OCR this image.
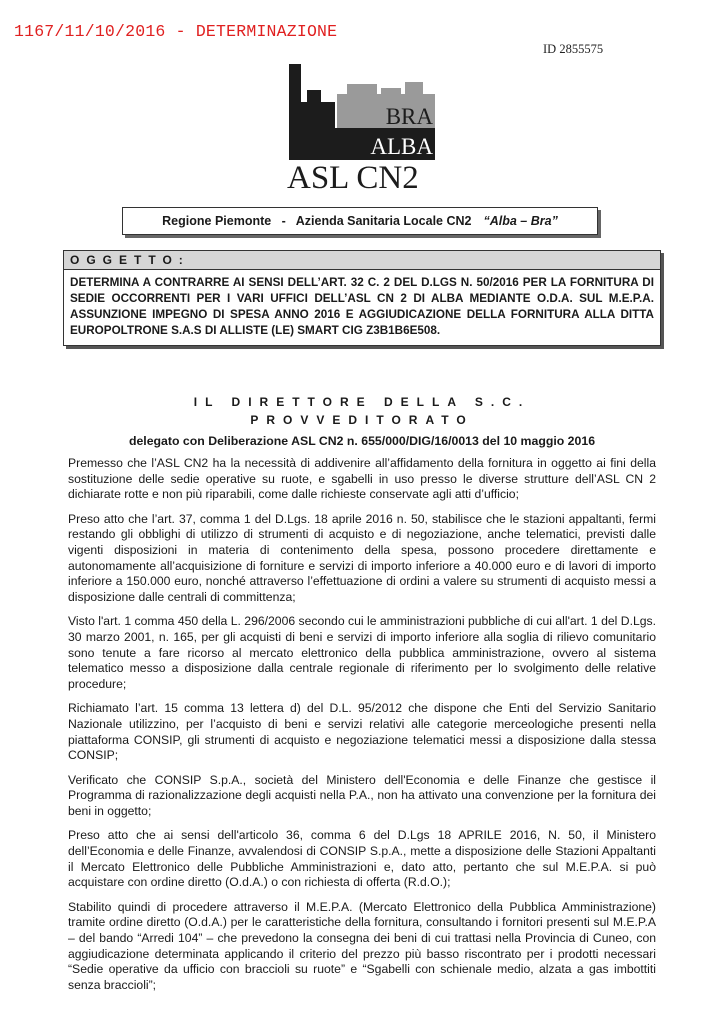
1167/11/10/2016 - DETERMINAZIONE
ID 2855575
BRA
ALBA
ASL CN2
Regione Piemonte   -   Azienda Sanitaria Locale CN2 “Alba – Bra”
OGGETTO:
DETERMINA A CONTRARRE AI SENSI DELL’ART. 32 C. 2 DEL D.LGS N. 50/2016 PER LA FORNITURA DI SEDIE OCCORRENTI PER I VARI UFFICI DELL’ASL CN 2 DI ALBA MEDIANTE O.D.A. SUL M.E.P.A. ASSUNZIONE IMPEGNO DI SPESA ANNO 2016 E AGGIUDICAZIONE DELLA FORNITURA ALLA DITTA EUROPOLTRONE S.A.S DI ALLISTE (LE) SMART CIG Z3B1B6E508.
IL DIRETTORE DELLA S.C.
PROVVEDITORATO
delegato con Deliberazione ASL CN2 n. 655/000/DIG/16/0013 del 10 maggio 2016

Premesso che l’ASL CN2 ha la necessità di addivenire all’affidamento della fornitura in oggetto ai fini della sostituzione delle sedie operative su ruote, e sgabelli in uso presso le diverse strutture dell’ASL CN 2 dichiarate rotte e non più riparabili, come dalle richieste conservate agli atti d’ufficio;

Preso atto che l’art. 37, comma 1 del D.Lgs. 18 aprile 2016 n. 50, stabilisce che le stazioni appaltanti, fermi restando gli obblighi di utilizzo di strumenti di acquisto e di negoziazione, anche telematici, previsti dalle vigenti disposizioni in materia di contenimento della spesa, possono procedere direttamente e autonomamente all’acquisizione di forniture e servizi di importo inferiore a 40.000 euro e di lavori di importo inferiore a 150.000 euro, nonché attraverso l’effettuazione di ordini a valere su strumenti di acquisto messi a disposizione dalle centrali di committenza;

Visto l'art. 1 comma 450 della L. 296/2006 secondo cui le amministrazioni pubbliche di cui all'art. 1 del D.Lgs. 30 marzo 2001, n. 165, per gli acquisti di beni e servizi di importo inferiore alla soglia di rilievo comunitario sono tenute a fare ricorso al mercato elettronico della pubblica amministrazione, ovvero al sistema telematico messo a disposizione dalla centrale regionale di riferimento per lo svolgimento delle relative procedure;

Richiamato l’art. 15 comma 13 lettera d) del D.L. 95/2012 che dispone che Enti del Servizio Sanitario Nazionale utilizzino, per l’acquisto di beni e servizi relativi alle categorie merceologiche presenti nella piattaforma CONSIP, gli strumenti di acquisto e negoziazione telematici messi a disposizione dalla stessa CONSIP;

Verificato che CONSIP S.p.A., società del Ministero dell'Economia e delle Finanze che gestisce il Programma di razionalizzazione degli acquisti nella P.A., non ha attivato una convenzione per la fornitura dei beni in oggetto;

Preso atto che ai sensi dell'articolo 36, comma 6 del D.Lgs 18 APRILE 2016, N. 50, il Ministero dell’Economia e delle Finanze, avvalendosi di CONSIP S.p.A., mette a disposizione delle Stazioni Appaltanti il Mercato Elettronico delle Pubbliche Amministrazioni e, dato atto, pertanto che sul M.E.P.A. si può acquistare con ordine diretto (O.d.A.) o con richiesta di offerta (R.d.O.);

Stabilito quindi di procedere attraverso il M.E.P.A. (Mercato Elettronico della Pubblica Amministrazione) tramite ordine diretto (O.d.A.) per le caratteristiche della fornitura, consultando i fornitori presenti sul M.E.P.A – del bando “Arredi 104” – che prevedono la consegna dei beni di cui trattasi nella Provincia di Cuneo, con aggiudicazione determinata applicando il criterio del prezzo più basso riscontrato per i prodotti necessari “Sedie operative da ufficio con braccioli su ruote” e “Sgabelli con schienale medio, alzata a gas imbottiti senza braccioli”;
